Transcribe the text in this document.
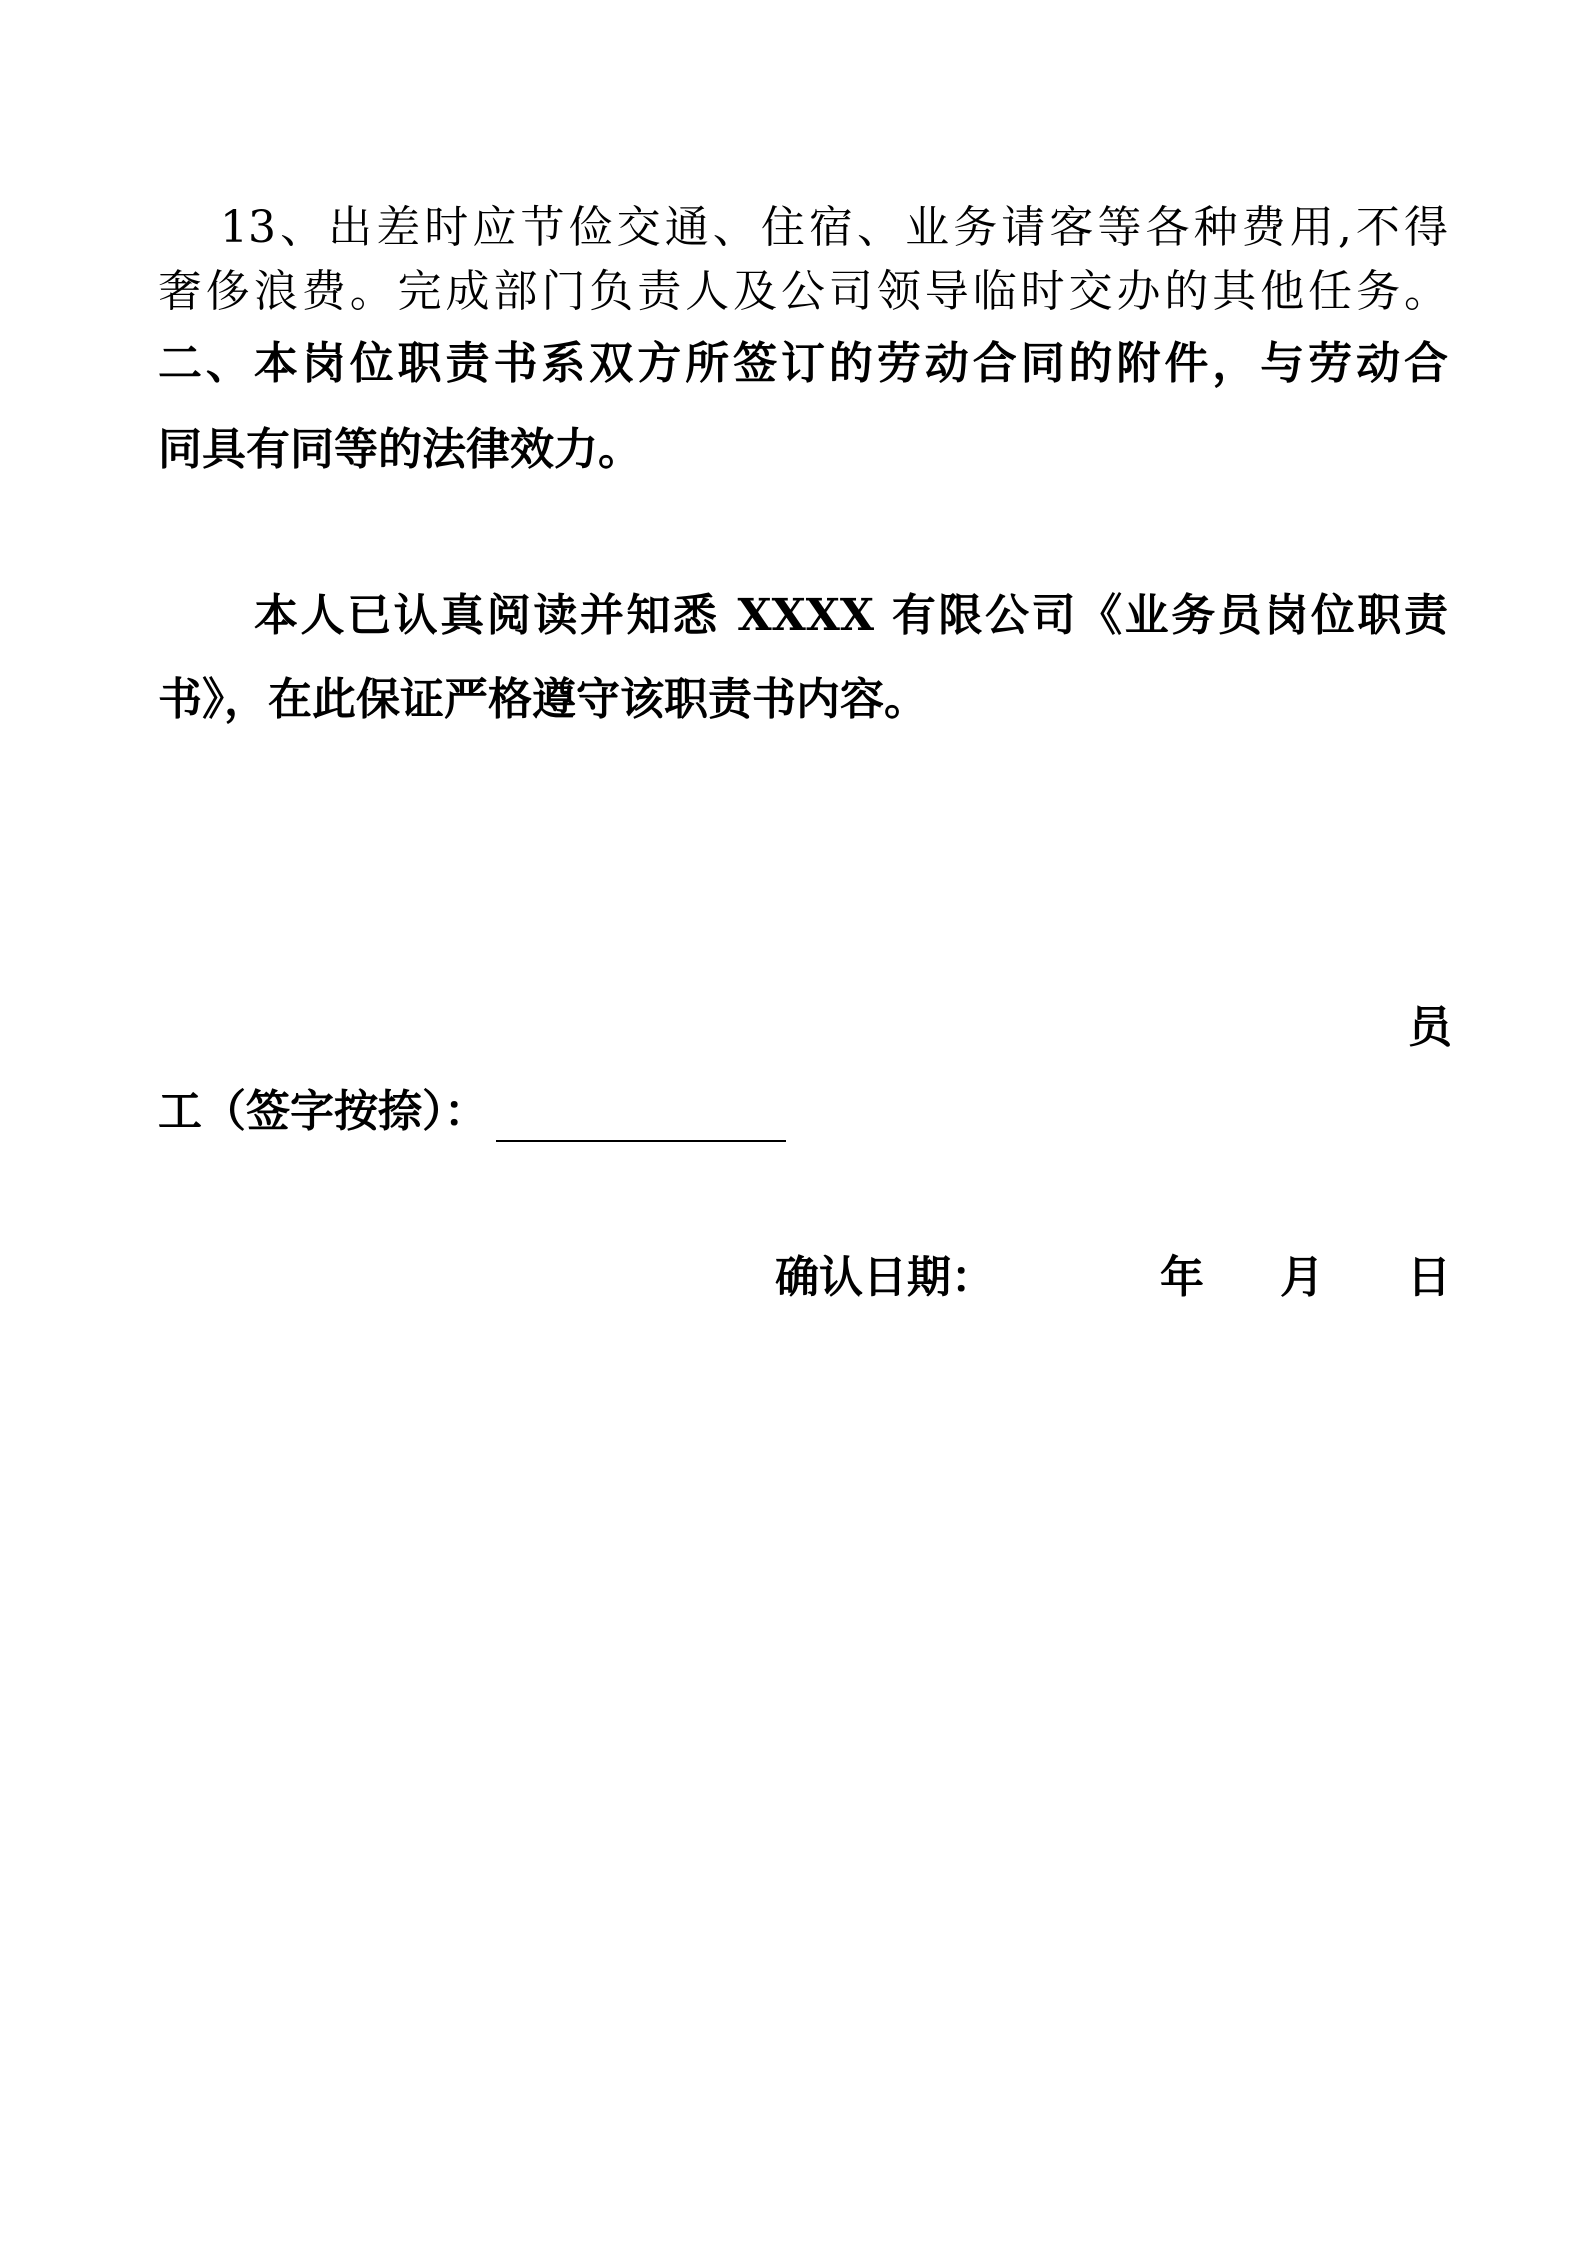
13、出差时应节俭交通、住宿、业务请客等各种费用,不得
奢侈浪费。完成部门负责人及公司领导临时交办的其他任务。
二、本岗位职责书系双方所签订的劳动合同的附件，与劳动合
同具有同等的法律效力。
本人已认真阅读并知悉 XXXX 有限公司《业务员岗位职责
书》，在此保证严格遵守该职责书内容。
员
工（签字按捺）：
确认日期：	年 月 日
